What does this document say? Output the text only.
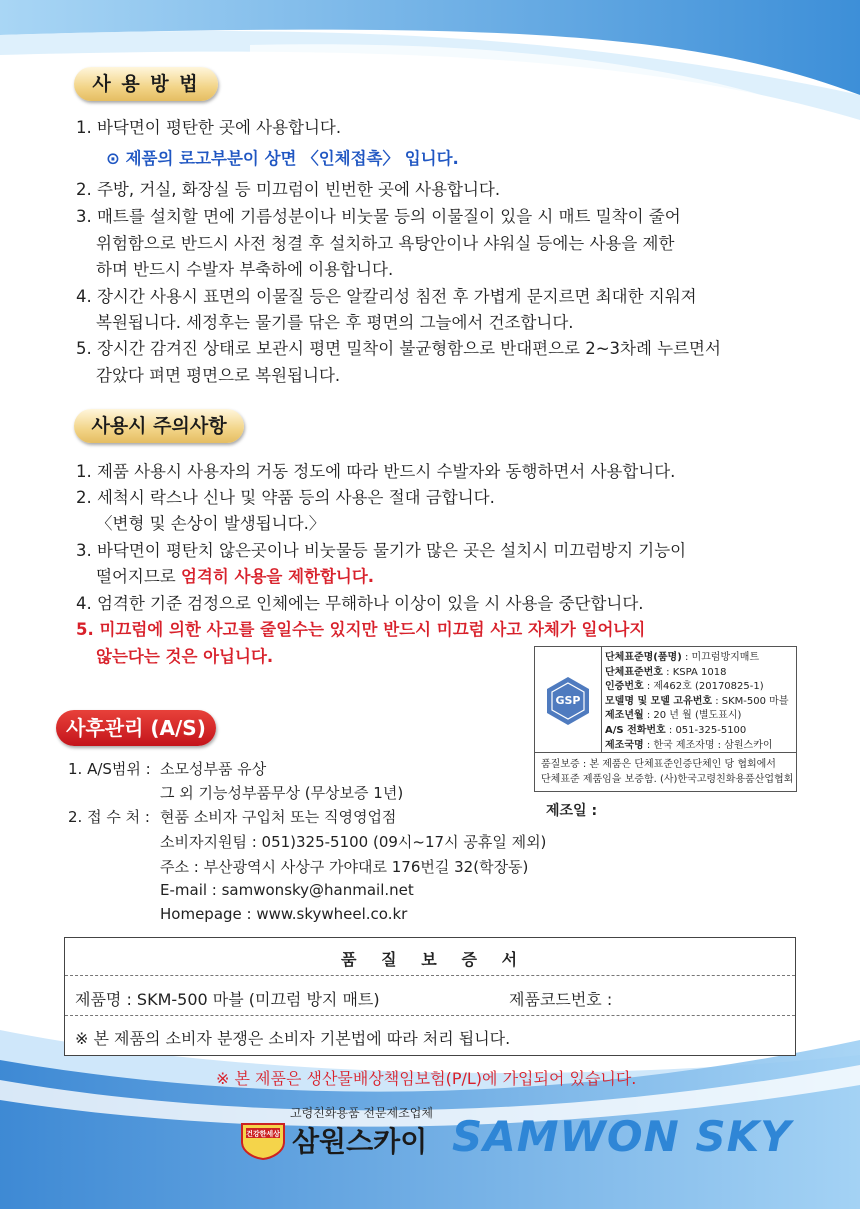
사 용 방 법
1. 바닥면이 평탄한 곳에 사용합니다.
⊙ 제품의 로고부분이 상면 〈인체접촉〉 입니다.
2. 주방, 거실, 화장실 등 미끄럼이 빈번한 곳에 사용합니다.
3. 매트를 설치할 면에 기름성분이나 비눗물 등의 이물질이 있을 시 매트 밀착이 줄어
위험함으로 반드시 사전 청결 후 설치하고 욕탕안이나 샤워실 등에는 사용을 제한
하며 반드시 수발자 부축하에 이용합니다.
4. 장시간 사용시 표면의 이물질 등은 알칼리성 침전 후 가볍게 문지르면 최대한 지워져
복원됩니다. 세정후는 물기를 닦은 후 평면의 그늘에서 건조합니다.
5. 장시간 감겨진 상태로 보관시 평면 밀착이 불균형함으로 반대편으로 2~3차례 누르면서
감았다 펴면 평면으로 복원됩니다.
사용시 주의사항
1. 제품 사용시 사용자의 거동 정도에 따라 반드시 수발자와 동행하면서 사용합니다.
2. 세척시 락스나 신나 및 약품 등의 사용은 절대 금합니다.
〈변형 및 손상이 발생됩니다.〉
3. 바닥면이 평탄치 않은곳이나 비눗물등 물기가 많은 곳은 설치시 미끄럼방지 기능이
떨어지므로 엄격히 사용을 제한합니다.
4. 엄격한 기준 검정으로 인체에는 무해하나 이상이 있을 시 사용을 중단합니다.
5. 미끄럼에 의한 사고를 줄일수는 있지만 반드시 미끄럼 사고 자체가 일어나지
않는다는 것은 아닙니다.
GSP
단체표준명(품명) : 미끄럼방지매트
단체표준번호 : KSPA 1018
인증번호 : 제462호 (20170825-1)
모델명 및 모델 고유번호 : SKM-500 마블
제조년월 : 20 년 월 (별도표시)
A/S 전화번호 : 051-325-5100
제조국명 : 한국 제조자명 : 삼원스카이
품질보증 : 본 제품은 단체표준인증단체인 당 협회에서
단체표준 제품임을 보증함. (사)한국고령친화용품산업협회
제조일 :
사후관리 (A/S)
1. A/S범위 : 소모성부품 유상
그 외 기능성부품무상 (무상보증 1년)
2. 접 수 처 : 현품 소비자 구입처 또는 직영영업점
소비자지원팀 : 051)325-5100 (09시~17시 공휴일 제외)
주소 : 부산광역시 사상구 가야대로 176번길 32(학장동)
E-mail : samwonsky@hanmail.net
Homepage : www.skywheel.co.kr
품   질   보   증   서
제품명 : SKM-500 마블 (미끄럼 방지 매트)	제품코드번호 :
※ 본 제품의 소비자 분쟁은 소비자 기본법에 따라 처리 됩니다.
※ 본 제품은 생산물배상책임보험(P/L)에 가입되어 있습니다.
고령친화용품 전문제조업체
건강한세상 삼원스카이 SAMWON SKY
